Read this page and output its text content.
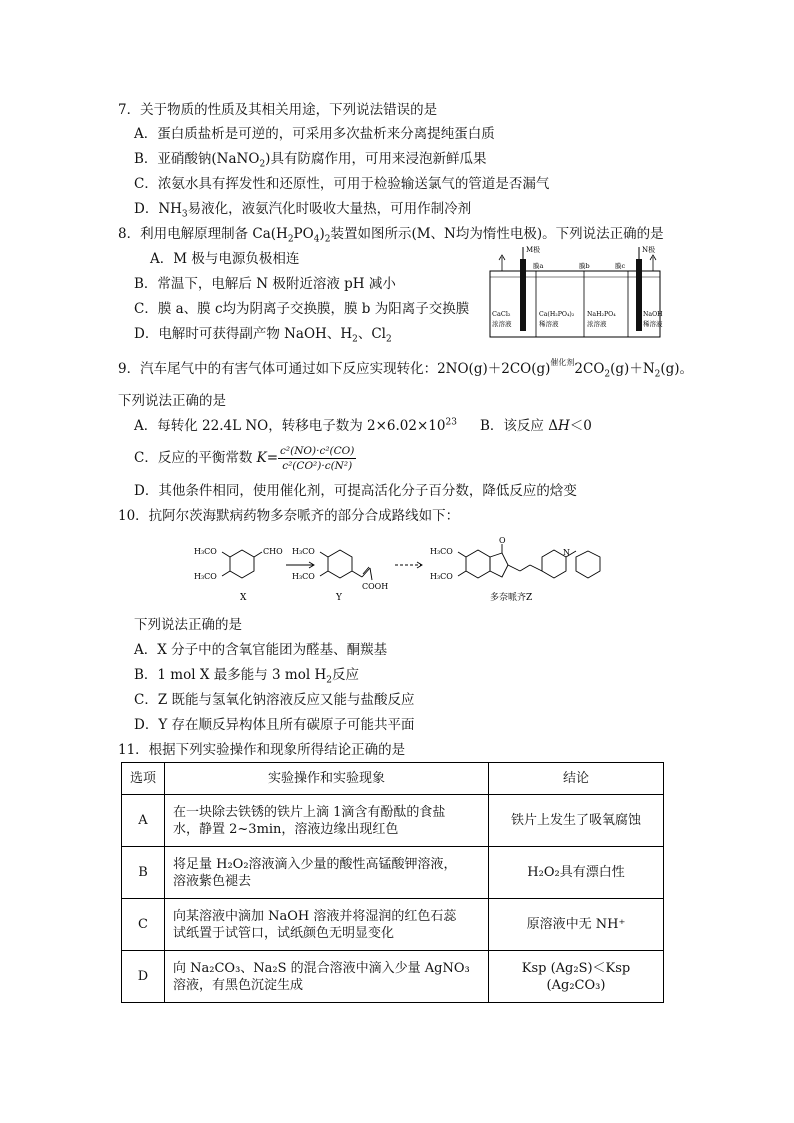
7．关于物质的性质及其相关用途，下列说法错误的是
A．蛋白质盐析是可逆的，可采用多次盐析来分离提纯蛋白质
B．亚硝酸钠(NaNO$_2$)具有防腐作用，可用来浸泡新鲜瓜果
C．浓氨水具有挥发性和还原性，可用于检验输送氯气的管道是否漏气
D．$NH_3$易液化，液氨汽化时吸收大量热，可用作制冷剂
8．利用电解原理制备 $Ca(H_2PO_4)_2$装置如图所示(M、N均为惰性电极)。下列说法正确的是
A．M 极与电源负极相连
B．常温下，电解后 N 极附近溶液 pH 减小
C．膜 a、膜 c均为阴离子交换膜，膜 b 为阳离子交换膜
D．电解时可获得副产物 NaOH、$H_2$、$Cl_2$
M极	N极
膜a	膜b	膜c
CaCl₂
浓溶液
Ca(H₂PO₄)₂
稀溶液
NaH₂PO₄
浓溶液
NaOH
稀溶液
9．汽车尾气中的有害气体可通过如下反应实现转化：$2NO(g)+2CO(g)^{催化剂}2CO_2(g)+N_2(g)$。
下列说法正确的是
A．每转化 22.4L NO，转移电子数为 $2\times 6.02\times 10^{23}$ B．该反应 ΔH＜0
C．反应的平衡常数 $K= \frac{\text{c²(NO)·c²(CO)}}{\text{c²(CO²)·c(N²)}}$
D．其他条件相同，使用催化剂，可提高活化分子百分数，降低反应的焓变
10．抗阿尔茨海默病药物多奈哌齐的部分合成路线如下：
H₃CO
H₃CO
CHO H₃CO
H₃CO
COOH
H₃CO
H₃CO
O
N
X	Y	多奈哌齐Z
下列说法正确的是
A．X 分子中的含氧官能团为醛基、酮羰基
B．1 mol X 最多能与 3 mol $H_2$反应
C．Z 既能与氢氧化钠溶液反应又能与盐酸反应
D．Y 存在顺反异构体且所有碳原子可能共平面
11．根据下列实验操作和现象所得结论正确的是
选项	实验操作和实验现象	结论
A	在一块除去铁锈的铁片上滴 1滴含有酚酞的食盐
水，静置 2~3min，溶液边缘出现红色	铁片上发生了吸氧腐蚀
B	将足量 H₂O₂溶液滴入少量的酸性高锰酸钾溶液，
溶液紫色褪去	H₂O₂具有漂白性
C	向某溶液中滴加 NaOH 溶液并将湿润的红色石蕊
试纸置于试管口，试纸颜色无明显变化	原溶液中无 NH⁺
D	向 Na₂CO₃、Na₂S 的混合溶液中滴入少量 AgNO₃
溶液，有黑色沉淀生成	Ksp (Ag₂S)＜Ksp (Ag₂CO₃)
